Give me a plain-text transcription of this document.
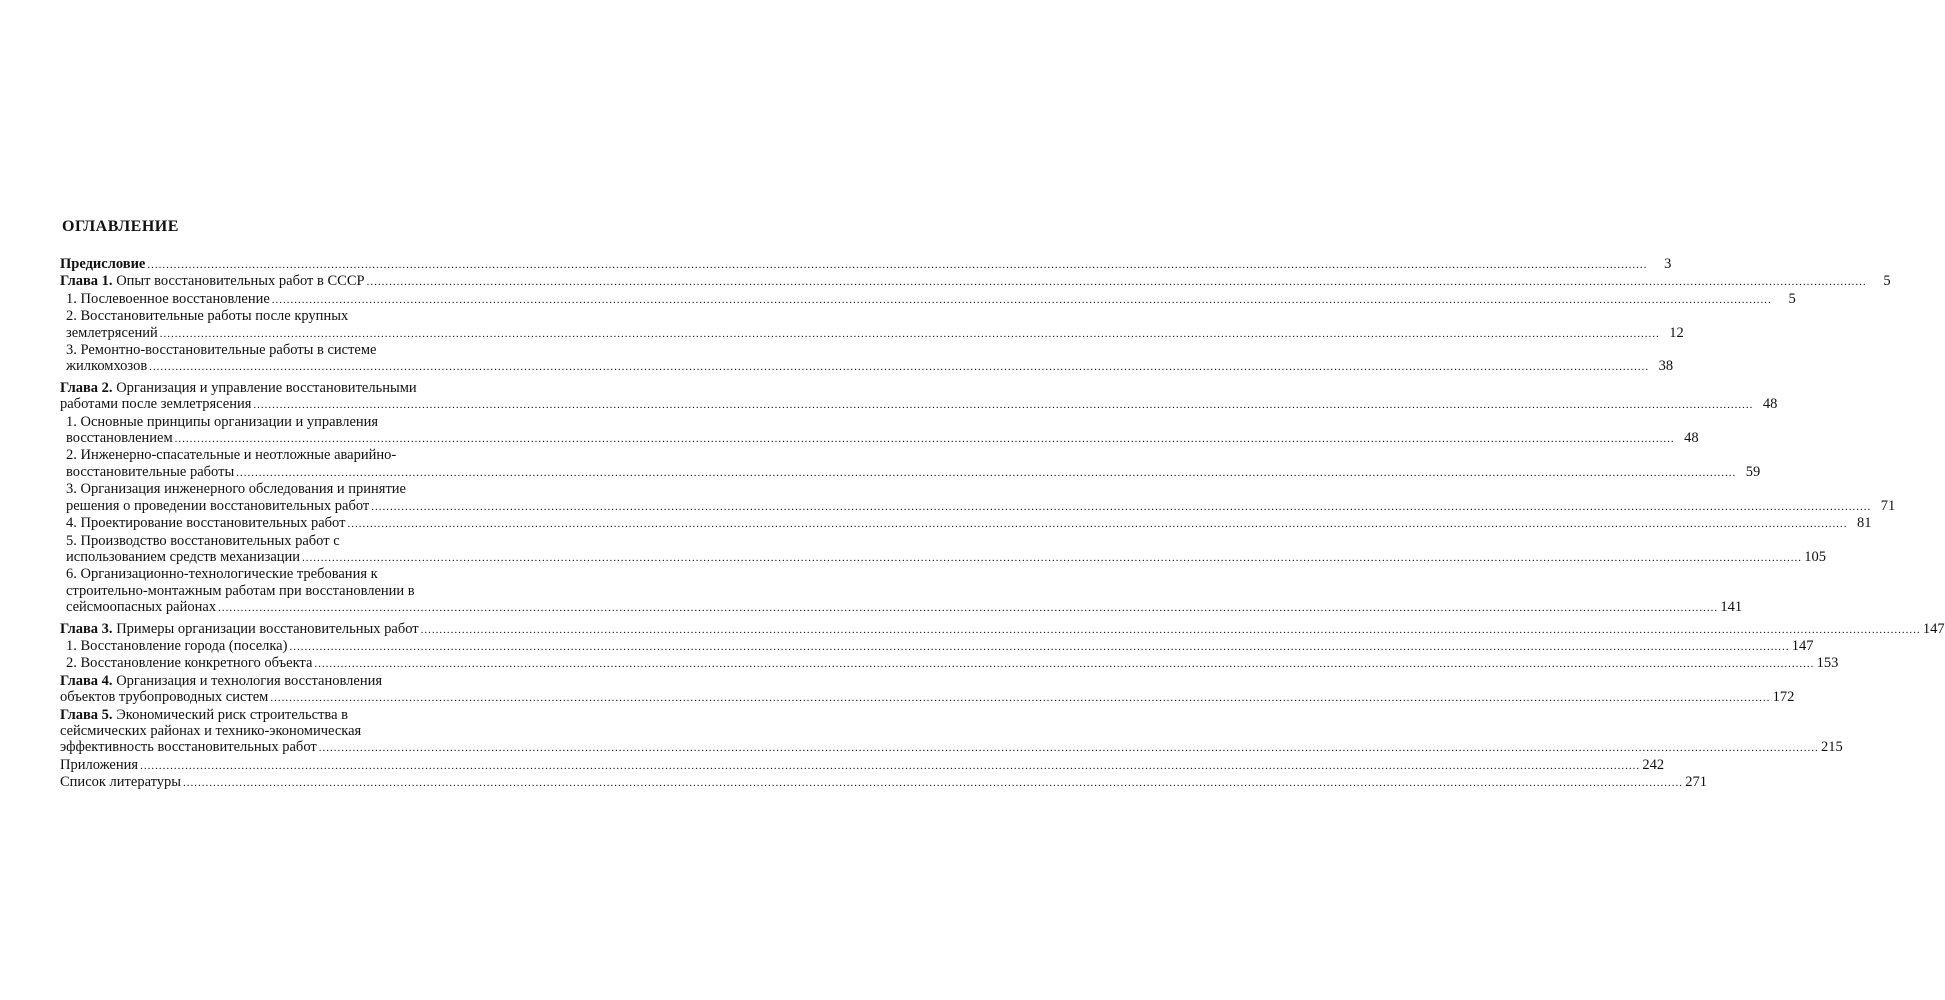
ОГЛАВЛЕНИЕ
Предисловие ................................................................................................................................................................................................................................................................................................................................................................................................................	3
Глава 1. Опыт восстановительных работ в СССР ................................................................................................................................................................................................................................................................................................................................................................................................................	5
1. Послевоенное восстановление ................................................................................................................................................................................................................................................................................................................................................................................................................	5
2. Восстановительные работы после крупных
землетрясений ................................................................................................................................................................................................................................................................................................................................................................................................................ 12
3. Ремонтно-восстановительные работы в системе
жилкомхозов ................................................................................................................................................................................................................................................................................................................................................................................................................ 38
Глава 2. Организация и управление восстановительными
работами после землетрясения ................................................................................................................................................................................................................................................................................................................................................................................................................ 48
1. Основные принципы организации и управления
восстановлением ................................................................................................................................................................................................................................................................................................................................................................................................................ 48
2. Инженерно-спасательные и неотложные аварийно-
восстановительные работы ................................................................................................................................................................................................................................................................................................................................................................................................................ 59
3. Организация инженерного обследования и принятие
решения о проведении восстановительных работ ................................................................................................................................................................................................................................................................................................................................................................................................................ 71
4. Проектирование восстановительных работ ................................................................................................................................................................................................................................................................................................................................................................................................................ 81
5. Производство восстановительных работ с
использованием средств механизации ................................................................................................................................................................................................................................................................................................................................................................................................................ 105
6. Организационно-технологические требования к
строительно-монтажным работам при восстановлении в
сейсмоопасных районах ................................................................................................................................................................................................................................................................................................................................................................................................................ 141
Глава 3. Примеры организации восстановительных работ ................................................................................................................................................................................................................................................................................................................................................................................................................ 147
1. Восстановление города (поселка) ................................................................................................................................................................................................................................................................................................................................................................................................................ 147
2. Восстановление конкретного объекта ................................................................................................................................................................................................................................................................................................................................................................................................................ 153
Глава 4. Организация и технология восстановления
объектов трубопроводных систем ................................................................................................................................................................................................................................................................................................................................................................................................................ 172
Глава 5. Экономический риск строительства в
сейсмических районах и технико-экономическая
эффективность восстановительных работ ................................................................................................................................................................................................................................................................................................................................................................................................................ 215
Приложения ................................................................................................................................................................................................................................................................................................................................................................................................................ 242
Список литературы ................................................................................................................................................................................................................................................................................................................................................................................................................ 271
